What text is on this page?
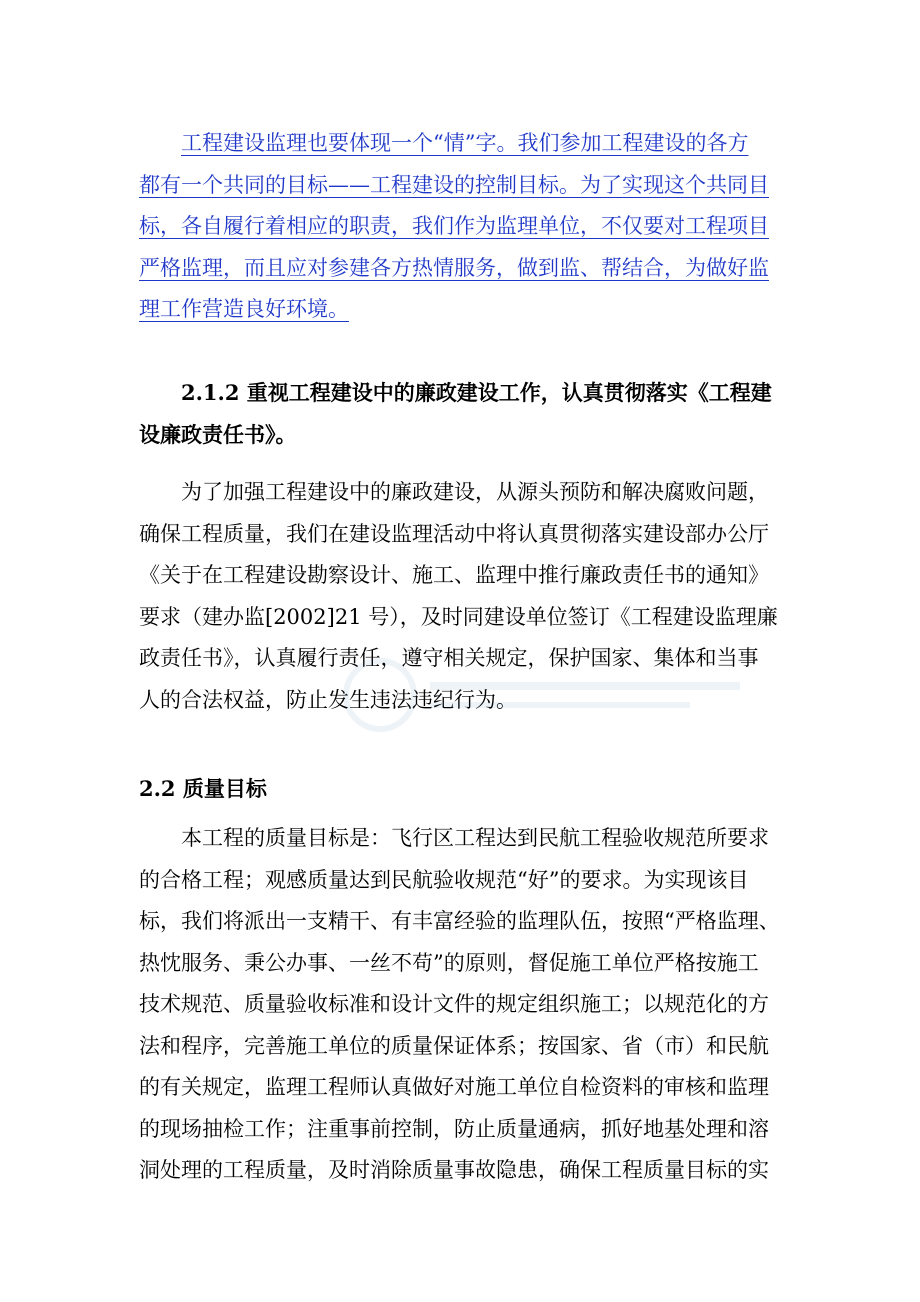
工程建设监理也要体现一个“情”字。我们参加工程建设的各方
都有一个共同的目标——工程建设的控制目标。为了实现这个共同目
标，各自履行着相应的职责，我们作为监理单位，不仅要对工程项目
严格监理，而且应对参建各方热情服务，做到监、帮结合，为做好监
理工作营造良好环境。
2.1.2 重视工程建设中的廉政建设工作，认真贯彻落实《工程建
设廉政责任书》。
为了加强工程建设中的廉政建设，从源头预防和解决腐败问题，
确保工程质量，我们在建设监理活动中将认真贯彻落实建设部办公厅
《关于在工程建设勘察设计、施工、监理中推行廉政责任书的通知》
要求（建办监[2002]21 号），及时同建设单位签订《工程建设监理廉
政责任书》，认真履行责任，遵守相关规定，保护国家、集体和当事
人的合法权益，防止发生违法违纪行为。
2.2 质量目标
本工程的质量目标是：飞行区工程达到民航工程验收规范所要求
的合格工程；观感质量达到民航验收规范“好”的要求。为实现该目
标，我们将派出一支精干、有丰富经验的监理队伍，按照“严格监理、
热忱服务、秉公办事、一丝不苟”的原则，督促施工单位严格按施工
技术规范、质量验收标准和设计文件的规定组织施工；以规范化的方
法和程序，完善施工单位的质量保证体系；按国家、省（市）和民航
的有关规定，监理工程师认真做好对施工单位自检资料的审核和监理
的现场抽检工作；注重事前控制，防止质量通病，抓好地基处理和溶
洞处理的工程质量，及时消除质量事故隐患，确保工程质量目标的实
